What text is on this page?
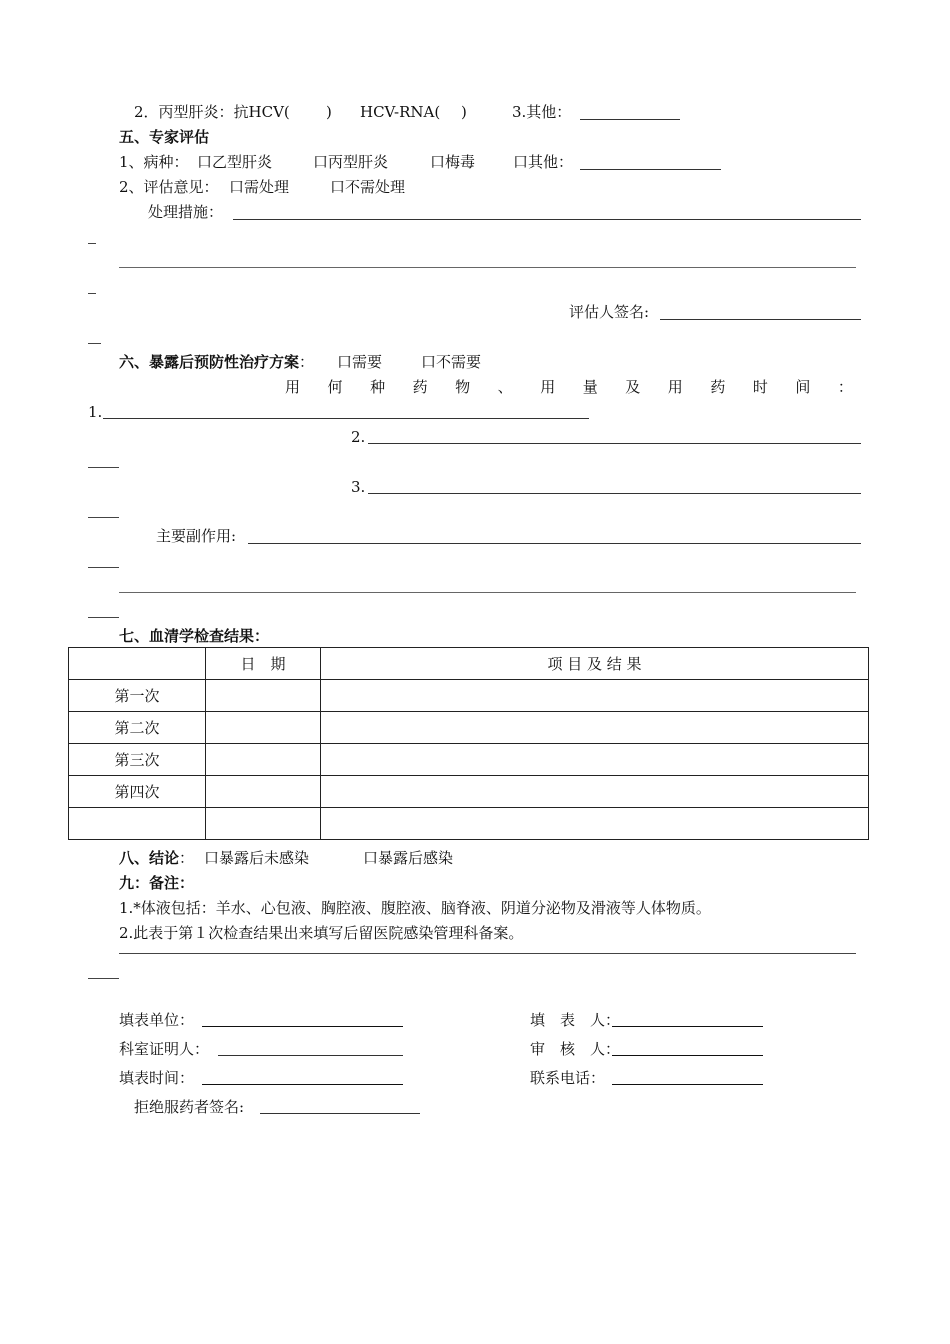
2．丙型肝炎：抗HCV( ) HCV-RNA( )	3.其他：
五、专家评估
1、病种： 口乙型肝炎	口丙型肝炎	口梅毒	口其他：
2、评估意见： 口需处理	口不需处理
处理措施：
评估人签名:
六、暴露后预防性治疗方案： 口需要	口不需要
用 何 种 药 物 、 用 量 及 用 药 时 间 ：
1.
2.
3.
主要副作用:
七、血清学检查结果：
	日　期	项 目 及 结 果
第一次		
第二次		
第三次		
第四次		

八、结论： 口暴露后未感染	口暴露后感染
九：备注：
1.*体液包括：羊水、心包液、胸腔液、腹腔液、脑脊液、阴道分泌物及滑液等人体物质。
2.此表于第１次检查结果出来填写后留医院感染管理科备案。
填表单位：	填　表　人：
科室证明人：	审　核　人：
填表时间：	联系电话：
拒绝服药者签名:
